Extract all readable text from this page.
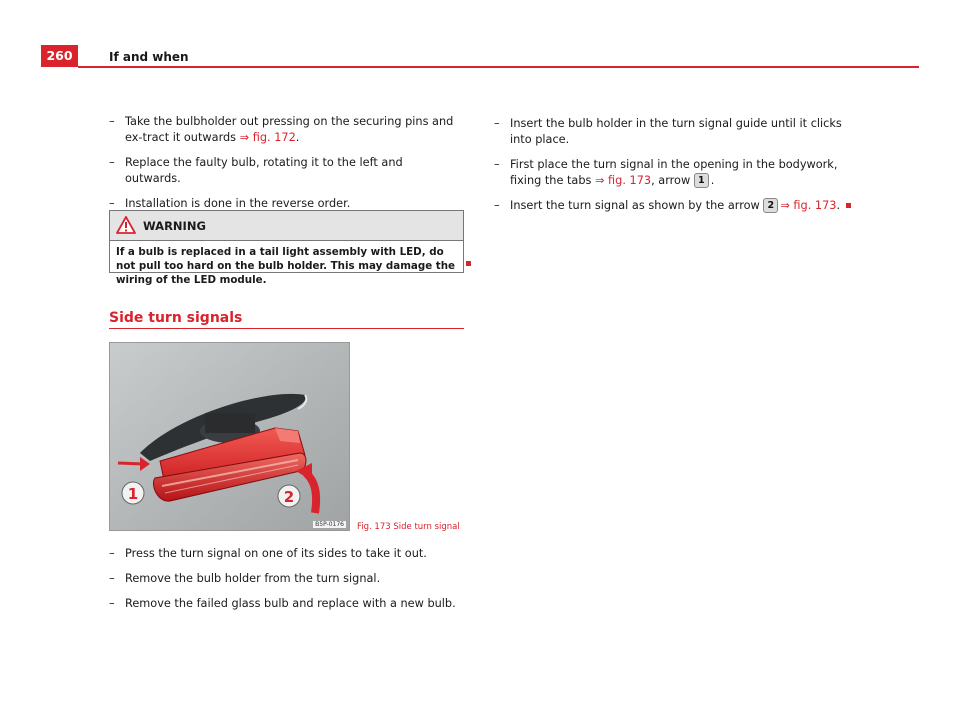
260	If and when
– Take the bulbholder out pressing on the securing pins and ex-tract it outwards ⇒ fig. 172.
– Replace the faulty bulb, rotating it to the left and outwards.
– Installation is done in the reverse order.
WARNING
If a bulb is replaced in a tail light assembly with LED, do not pull too hard on the bulb holder. This may damage the wiring of the LED module.
Side turn signals
1	2
B5P-0176 Fig. 173 Side turn signal
– Press the turn signal on one of its sides to take it out.
– Remove the bulb holder from the turn signal.
– Remove the failed glass bulb and replace with a new bulb.
– Insert the bulb holder in the turn signal guide until it clicks into place.
– First place the turn signal in the opening in the bodywork, fixing the tabs ⇒ fig. 173, arrow 1 .
– Insert the turn signal as shown by the arrow 2 ⇒ fig. 173.
